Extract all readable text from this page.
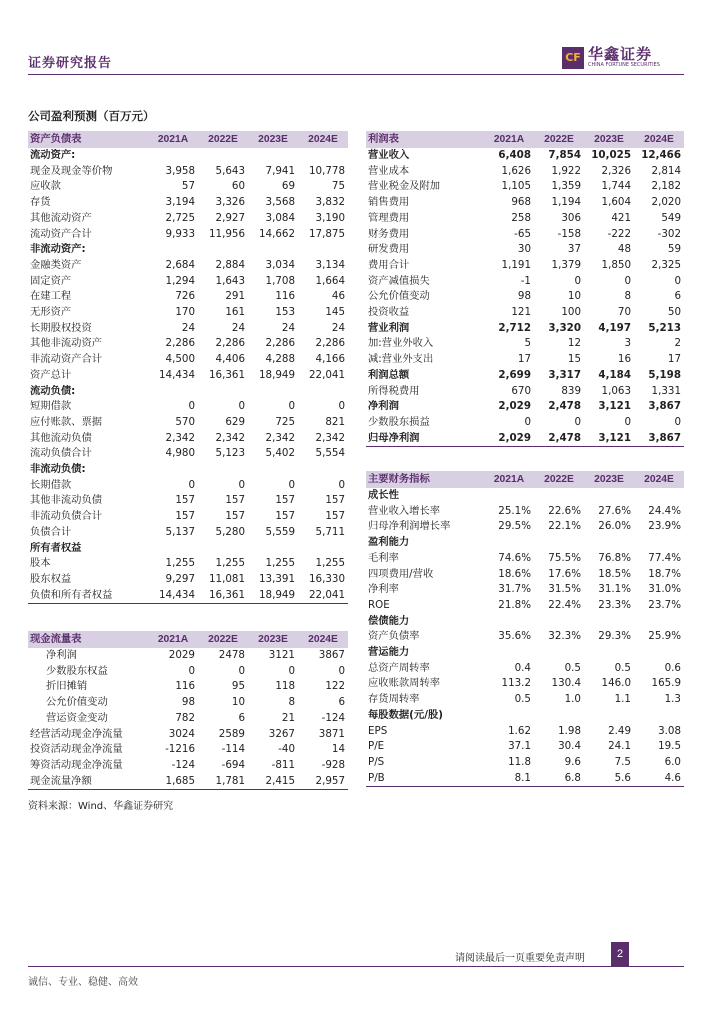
证券研究报告	CF 华鑫证券
CHINA FORTUNE SECURITIES
公司盈利预测（百万元）
资产负债表	2021A	2022E	2023E	2024E
流动资产:				
现金及现金等价物	3,958	5,643	7,941	10,778
应收款	57	60	69	75
存货	3,194	3,326	3,568	3,832
其他流动资产	2,725	2,927	3,084	3,190
流动资产合计	9,933	11,956	14,662	17,875
非流动资产:				
金融类资产	2,684	2,884	3,034	3,134
固定资产	1,294	1,643	1,708	1,664
在建工程	726	291	116	46
无形资产	170	161	153	145
长期股权投资	24	24	24	24
其他非流动资产	2,286	2,286	2,286	2,286
非流动资产合计	4,500	4,406	4,288	4,166
资产总计	14,434	16,361	18,949	22,041
流动负债:				
短期借款	0	0	0	0
应付账款、票据	570	629	725	821
其他流动负债	2,342	2,342	2,342	2,342
流动负债合计	4,980	5,123	5,402	5,554
非流动负债:				
长期借款	0	0	0	0
其他非流动负债	157	157	157	157
非流动负债合计	157	157	157	157
负债合计	5,137	5,280	5,559	5,711
所有者权益				
股本	1,255	1,255	1,255	1,255
股东权益	9,297	11,081	13,391	16,330
负债和所有者权益	14,434	16,361	18,949	22,041
现金流量表	2021A	2022E	2023E	2024E
净利润	2029	2478	3121	3867
少数股东权益	0	0	0	0
折旧摊销	116	95	118	122
公允价值变动	98	10	8	6
营运资金变动	782	6	21	-124
经营活动现金净流量	3024	2589	3267	3871
投资活动现金净流量	-1216	-114	-40	14
筹资活动现金净流量	-124	-694	-811	-928
现金流量净额	1,685	1,781	2,415	2,957
利润表	2021A	2022E	2023E	2024E
营业收入	6,408	7,854	10,025	12,466
营业成本	1,626	1,922	2,326	2,814
营业税金及附加	1,105	1,359	1,744	2,182
销售费用	968	1,194	1,604	2,020
管理费用	258	306	421	549
财务费用	-65	-158	-222	-302
研发费用	30	37	48	59
费用合计	1,191	1,379	1,850	2,325
资产减值损失	-1	0	0	0
公允价值变动	98	10	8	6
投资收益	121	100	70	50
营业利润	2,712	3,320	4,197	5,213
加:营业外收入	5	12	3	2
减:营业外支出	17	15	16	17
利润总额	2,699	3,317	4,184	5,198
所得税费用	670	839	1,063	1,331
净利润	2,029	2,478	3,121	3,867
少数股东损益	0	0	0	0
归母净利润	2,029	2,478	3,121	3,867
主要财务指标	2021A	2022E	2023E	2024E
成长性				
营业收入增长率	25.1%	22.6%	27.6%	24.4%
归母净利润增长率	29.5%	22.1%	26.0%	23.9%
盈利能力				
毛利率	74.6%	75.5%	76.8%	77.4%
四项费用/营收	18.6%	17.6%	18.5%	18.7%
净利率	31.7%	31.5%	31.1%	31.0%
ROE	21.8%	22.4%	23.3%	23.7%
偿债能力				
资产负债率	35.6%	32.3%	29.3%	25.9%
营运能力				
总资产周转率	0.4	0.5	0.5	0.6
应收账款周转率	113.2	130.4	146.0	165.9
存货周转率	0.5	1.0	1.1	1.3
每股数据(元/股)				
EPS	1.62	1.98	2.49	3.08
P/E	37.1	30.4	24.1	19.5
P/S	11.8	9.6	7.5	6.0
P/B	8.1	6.8	5.6	4.6
资料来源：Wind、华鑫证券研究
请阅读最后一页重要免责声明	2
诚信、专业、稳健、高效
